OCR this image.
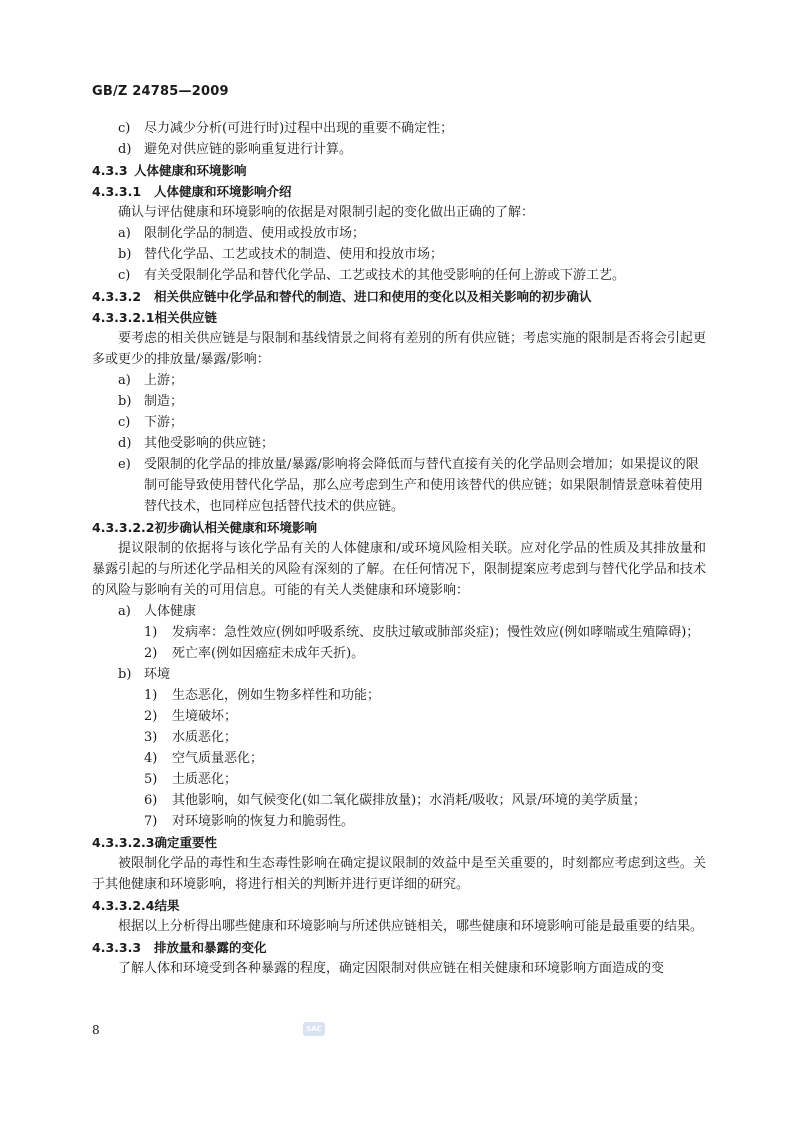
GB/Z 24785—2009
c) 尽力减少分析(可进行时)过程中出现的重要不确定性；
d) 避免对供应链的影响重复进行计算。
4.3.3 人体健康和环境影响
4.3.3.1 人体健康和环境影响介绍
确认与评估健康和环境影响的依据是对限制引起的变化做出正确的了解：
a) 限制化学品的制造、使用或投放市场；
b) 替代化学品、工艺或技术的制造、使用和投放市场；
c) 有关受限制化学品和替代化学品、工艺或技术的其他受影响的任何上游或下游工艺。
4.3.3.2 相关供应链中化学品和替代的制造、进口和使用的变化以及相关影响的初步确认
4.3.3.2.1相关供应链
要考虑的相关供应链是与限制和基线情景之间将有差别的所有供应链；考虑实施的限制是否将会引起更多或更少的排放量/暴露/影响：
a) 上游；
b) 制造；
c) 下游；
d) 其他受影响的供应链；
e) 受限制的化学品的排放量/暴露/影响将会降低而与替代直接有关的化学品则会增加；如果提议的限制可能导致使用替代化学品，那么应考虑到生产和使用该替代的供应链；如果限制情景意味着使用替代技术，也同样应包括替代技术的供应链。
4.3.3.2.2初步确认相关健康和环境影响
提议限制的依据将与该化学品有关的人体健康和/或环境风险相关联。应对化学品的性质及其排放量和暴露引起的与所述化学品相关的风险有深刻的了解。在任何情况下，限制提案应考虑到与替代化学品和技术的风险与影响有关的可用信息。可能的有关人类健康和环境影响：
a) 人体健康
1) 发病率：急性效应(例如呼吸系统、皮肤过敏或肺部炎症)；慢性效应(例如哮喘或生殖障碍)；
2) 死亡率(例如因癌症未成年夭折)。
b) 环境
1) 生态恶化，例如生物多样性和功能；
2) 生境破坏；
3) 水质恶化；
4) 空气质量恶化；
5) 土质恶化；
6) 其他影响，如气候变化(如二氧化碳排放量)；水消耗/吸收；风景/环境的美学质量；
7) 对环境影响的恢复力和脆弱性。
4.3.3.2.3确定重要性
被限制化学品的毒性和生态毒性影响在确定提议限制的效益中是至关重要的，时刻都应考虑到这些。关于其他健康和环境影响，将进行相关的判断并进行更详细的研究。
4.3.3.2.4结果
根据以上分析得出哪些健康和环境影响与所述供应链相关，哪些健康和环境影响可能是最重要的结果。
4.3.3.3 排放量和暴露的变化
了解人体和环境受到各种暴露的程度，确定因限制对供应链在相关健康和环境影响方面造成的变
SAC
8
